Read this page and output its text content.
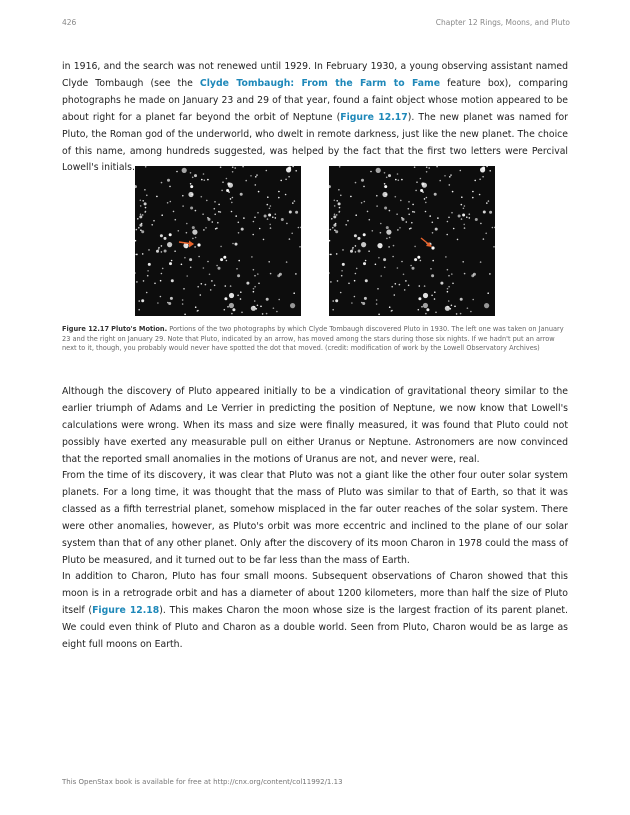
426	Chapter 12 Rings, Moons, and Pluto

in 1916, and the search was not renewed until 1929. In February 1930, a young observing assistant named Clyde Tombaugh (see the Clyde Tombaugh: From the Farm to Fame feature box), comparing photographs he made on January 23 and 29 of that year, found a faint object whose motion appeared to be about right for a planet far beyond the orbit of Neptune (Figure 12.17). The new planet was named for Pluto, the Roman god of the underworld, who dwelt in remote darkness, just like the new planet. The choice of this name, among hundreds suggested, was helped by the fact that the first two letters were Percival Lowell's initials.

Figure 12.17 Pluto's Motion. Portions of the two photographs by which Clyde Tombaugh discovered Pluto in 1930. The left one was taken on January 23 and the right on January 29. Note that Pluto, indicated by an arrow, has moved among the stars during those six nights. If we hadn't put an arrow next to it, though, you probably would never have spotted the dot that moved. (credit: modification of work by the Lowell Observatory Archives)

Although the discovery of Pluto appeared initially to be a vindication of gravitational theory similar to the earlier triumph of Adams and Le Verrier in predicting the position of Neptune, we now know that Lowell's calculations were wrong. When its mass and size were finally measured, it was found that Pluto could not possibly have exerted any measurable pull on either Uranus or Neptune. Astronomers are now convinced that the reported small anomalies in the motions of Uranus are not, and never were, real.

From the time of its discovery, it was clear that Pluto was not a giant like the other four outer solar system planets. For a long time, it was thought that the mass of Pluto was similar to that of Earth, so that it was classed as a fifth terrestrial planet, somehow misplaced in the far outer reaches of the solar system. There were other anomalies, however, as Pluto's orbit was more eccentric and inclined to the plane of our solar system than that of any other planet. Only after the discovery of its moon Charon in 1978 could the mass of Pluto be measured, and it turned out to be far less than the mass of Earth.

In addition to Charon, Pluto has four small moons. Subsequent observations of Charon showed that this moon is in a retrograde orbit and has a diameter of about 1200 kilometers, more than half the size of Pluto itself (Figure 12.18). This makes Charon the moon whose size is the largest fraction of its parent planet. We could even think of Pluto and Charon as a double world. Seen from Pluto, Charon would be as large as eight full moons on Earth.

This OpenStax book is available for free at http://cnx.org/content/col11992/1.13
